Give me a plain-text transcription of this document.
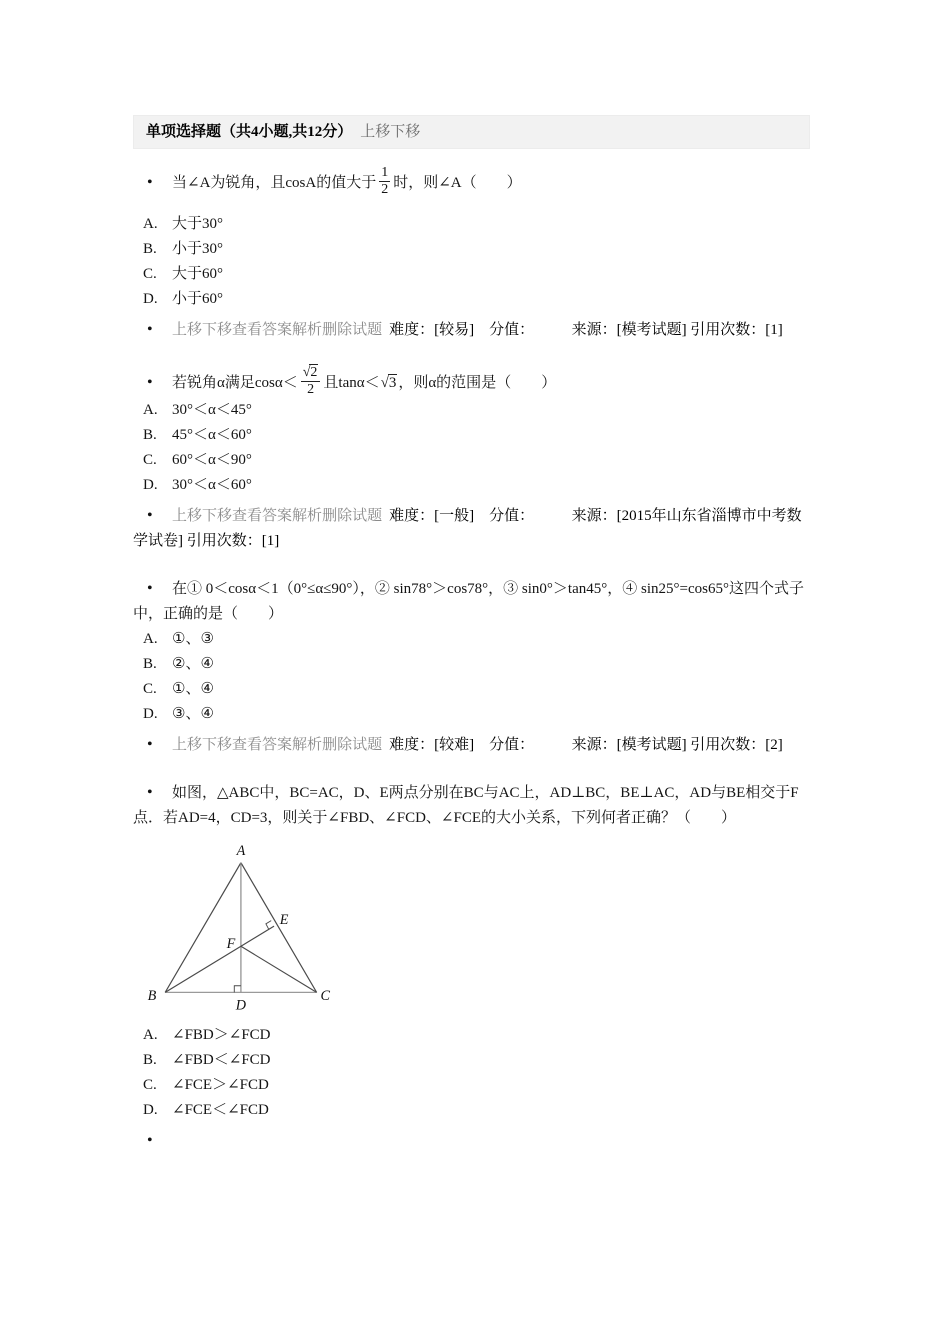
单项选择题（共4小题,共12分） 上移下移
• 当∠A为锐角，且cosA的值大于 $\frac{1}{2}$ 时，则∠A（　　）
A. 大于30°
B.	小于30°
C.	大于60°
D. 小于60°
• 上移下移查看答案解析删除试题 难度：[较易]　分值：　　　来源：[模考试题] 引用次数：[1]
• 若锐角α满足$\cos\alpha< \frac{√2}{2}$ 且tanα＜√3 ，则α的范围是（　　）
A. 30°＜α＜45°
B.	45°＜α＜60°
C.	60°＜α＜90°
D. 30°＜α＜60°
• 上移下移查看答案解析删除试题 难度：[一般]　分值：　　　来源：[2015年山东省淄博市中考数学试卷] 引用次数：[1]
• 在① 0＜cosα＜1（0°≤α≤90°），② sin78°＞cos78°，③ sin0°＞tan45°，④ sin25°=cos65°这四个式子中，正确的是（　　）
A. ①、③
B.	②、④
C.	①、④
D. ③、④
• 上移下移查看答案解析删除试题 难度：[较难]　分值：　　　来源：[模考试题] 引用次数：[2]
• 如图，△ABC中，BC=AC，D、E两点分别在BC与AC上，AD⊥BC，BE⊥AC，AD与BE相交于F点．若AD=4，CD=3，则关于∠FBD、∠FCD、∠FCE的大小关系，下列何者正确？（　　）
A
B	C
D
E
F
A. ∠FBD＞∠FCD
B.	∠FBD＜∠FCD
C.	∠FCE＞∠FCD
D. ∠FCE＜∠FCD
•
